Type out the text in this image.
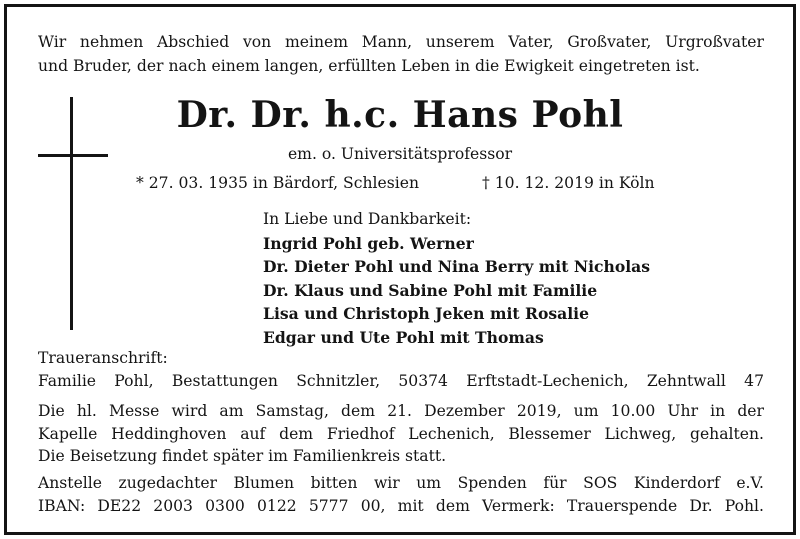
Wir nehmen Abschied von meinem Mann, unserem Vater, Großvater, Urgroßvater
und Bruder, der nach einem langen, erfüllten Leben in die Ewigkeit eingetreten ist.
Dr. Dr. h.c. Hans Pohl
em. o. Universitätsprofessor
* 27. 03. 1935 in Bärdorf, Schlesien	† 10. 12. 2019 in Köln
In Liebe und Dankbarkeit:
Ingrid Pohl geb. Werner
Dr. Dieter Pohl und Nina Berry mit Nicholas
Dr. Klaus und Sabine Pohl mit Familie
Lisa und Christoph Jeken mit Rosalie
Edgar und Ute Pohl mit Thomas
Traueranschrift:
Familie Pohl, Bestattungen Schnitzler, 50374 Erftstadt-Lechenich, Zehntwall 47
Die hl. Messe wird am Samstag, dem 21. Dezember 2019, um 10.00 Uhr in der
Kapelle Heddinghoven auf dem Friedhof Lechenich, Blessemer Lichweg, gehalten.
Die Beisetzung findet später im Familienkreis statt.
Anstelle zugedachter Blumen bitten wir um Spenden für SOS Kinderdorf e.V.
IBAN: DE22 2003 0300 0122 5777 00, mit dem Vermerk: Trauerspende Dr. Pohl.
